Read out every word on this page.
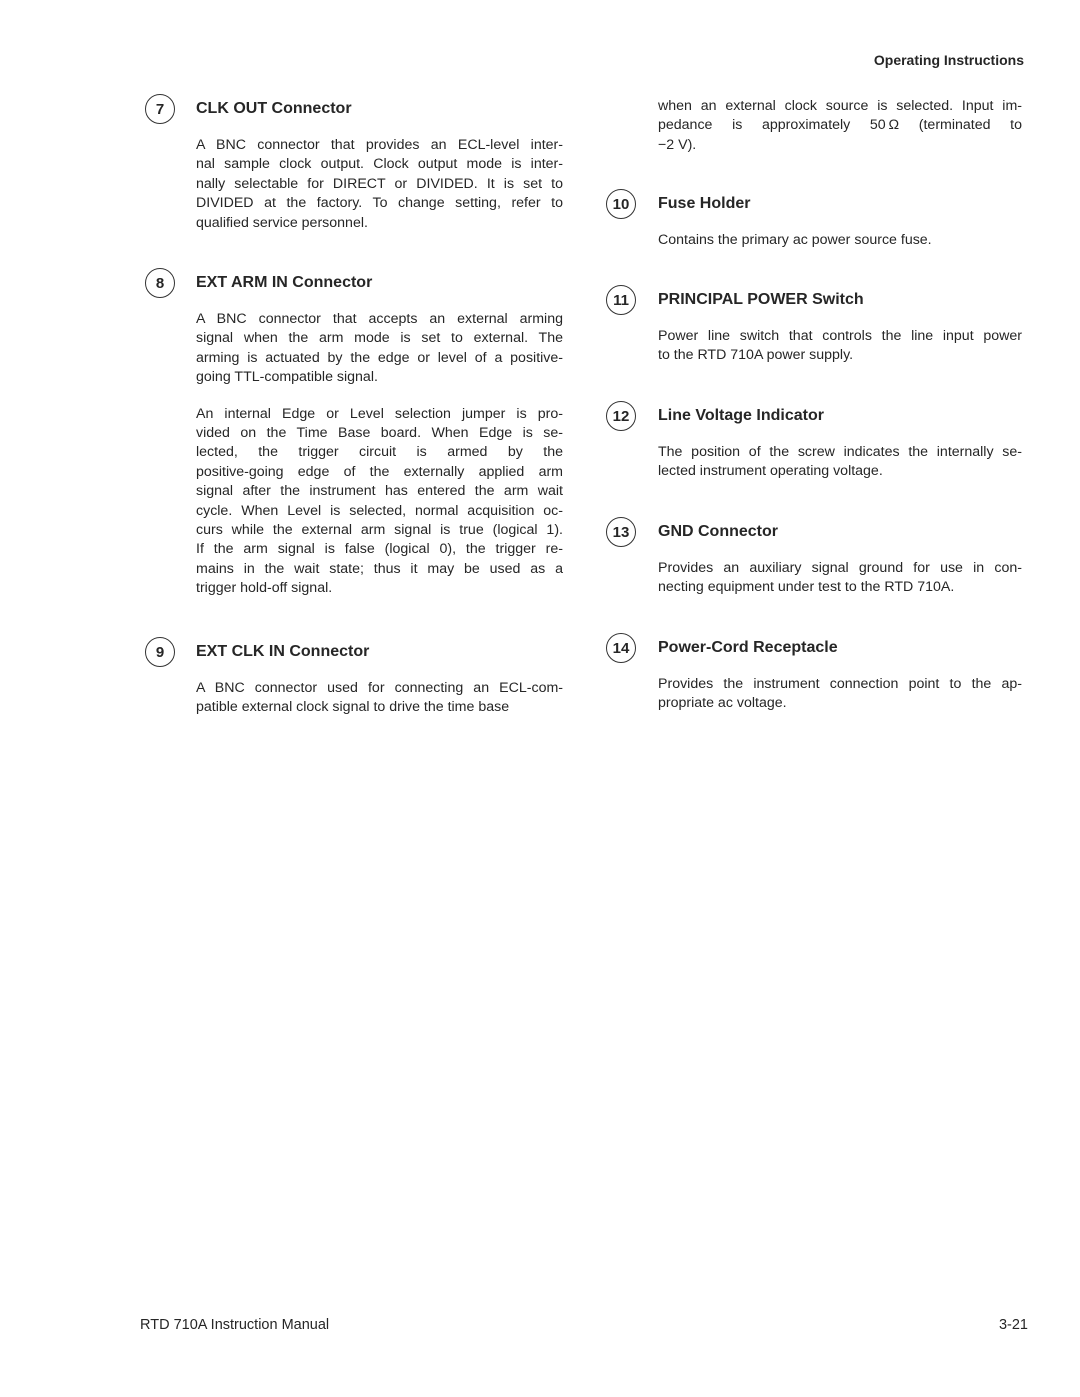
Operating Instructions
7	CLK OUT Connector
A BNC connector that provides an ECL-level inter-
nal sample clock output. Clock output mode is inter-
nally selectable for DIRECT or DIVIDED. It is set to
DIVIDED at the factory. To change setting, refer to
qualified service personnel.
8	EXT ARM IN Connector
A BNC connector that accepts an external arming
signal when the arm mode is set to external. The
arming is actuated by the edge or level of a positive-
going TTL-compatible signal.
An internal Edge or Level selection jumper is pro-
vided on the Time Base board. When Edge is se-
lected, the trigger circuit is armed by the
positive-going edge of the externally applied arm
signal after the instrument has entered the arm wait
cycle. When Level is selected, normal acquisition oc-
curs while the external arm signal is true (logical 1).
If the arm signal is false (logical 0), the trigger re-
mains in the wait state; thus it may be used as a
trigger hold-off signal.
9	EXT CLK IN Connector
A BNC connector used for connecting an ECL-com-
patible external clock signal to drive the time base
when an external clock source is selected. Input im-
pedance is approximately 50 Ω (terminated to
−2 V).
10	Fuse Holder
Contains the primary ac power source fuse.
11	PRINCIPAL POWER Switch
Power line switch that controls the line input power
to the RTD 710A power supply.
12	Line Voltage Indicator
The position of the screw indicates the internally se-
lected instrument operating voltage.
13	GND Connector
Provides an auxiliary signal ground for use in con-
necting equipment under test to the RTD 710A.
14	Power-Cord Receptacle
Provides the instrument connection point to the ap-
propriate ac voltage.
RTD 710A Instruction Manual	3-21
